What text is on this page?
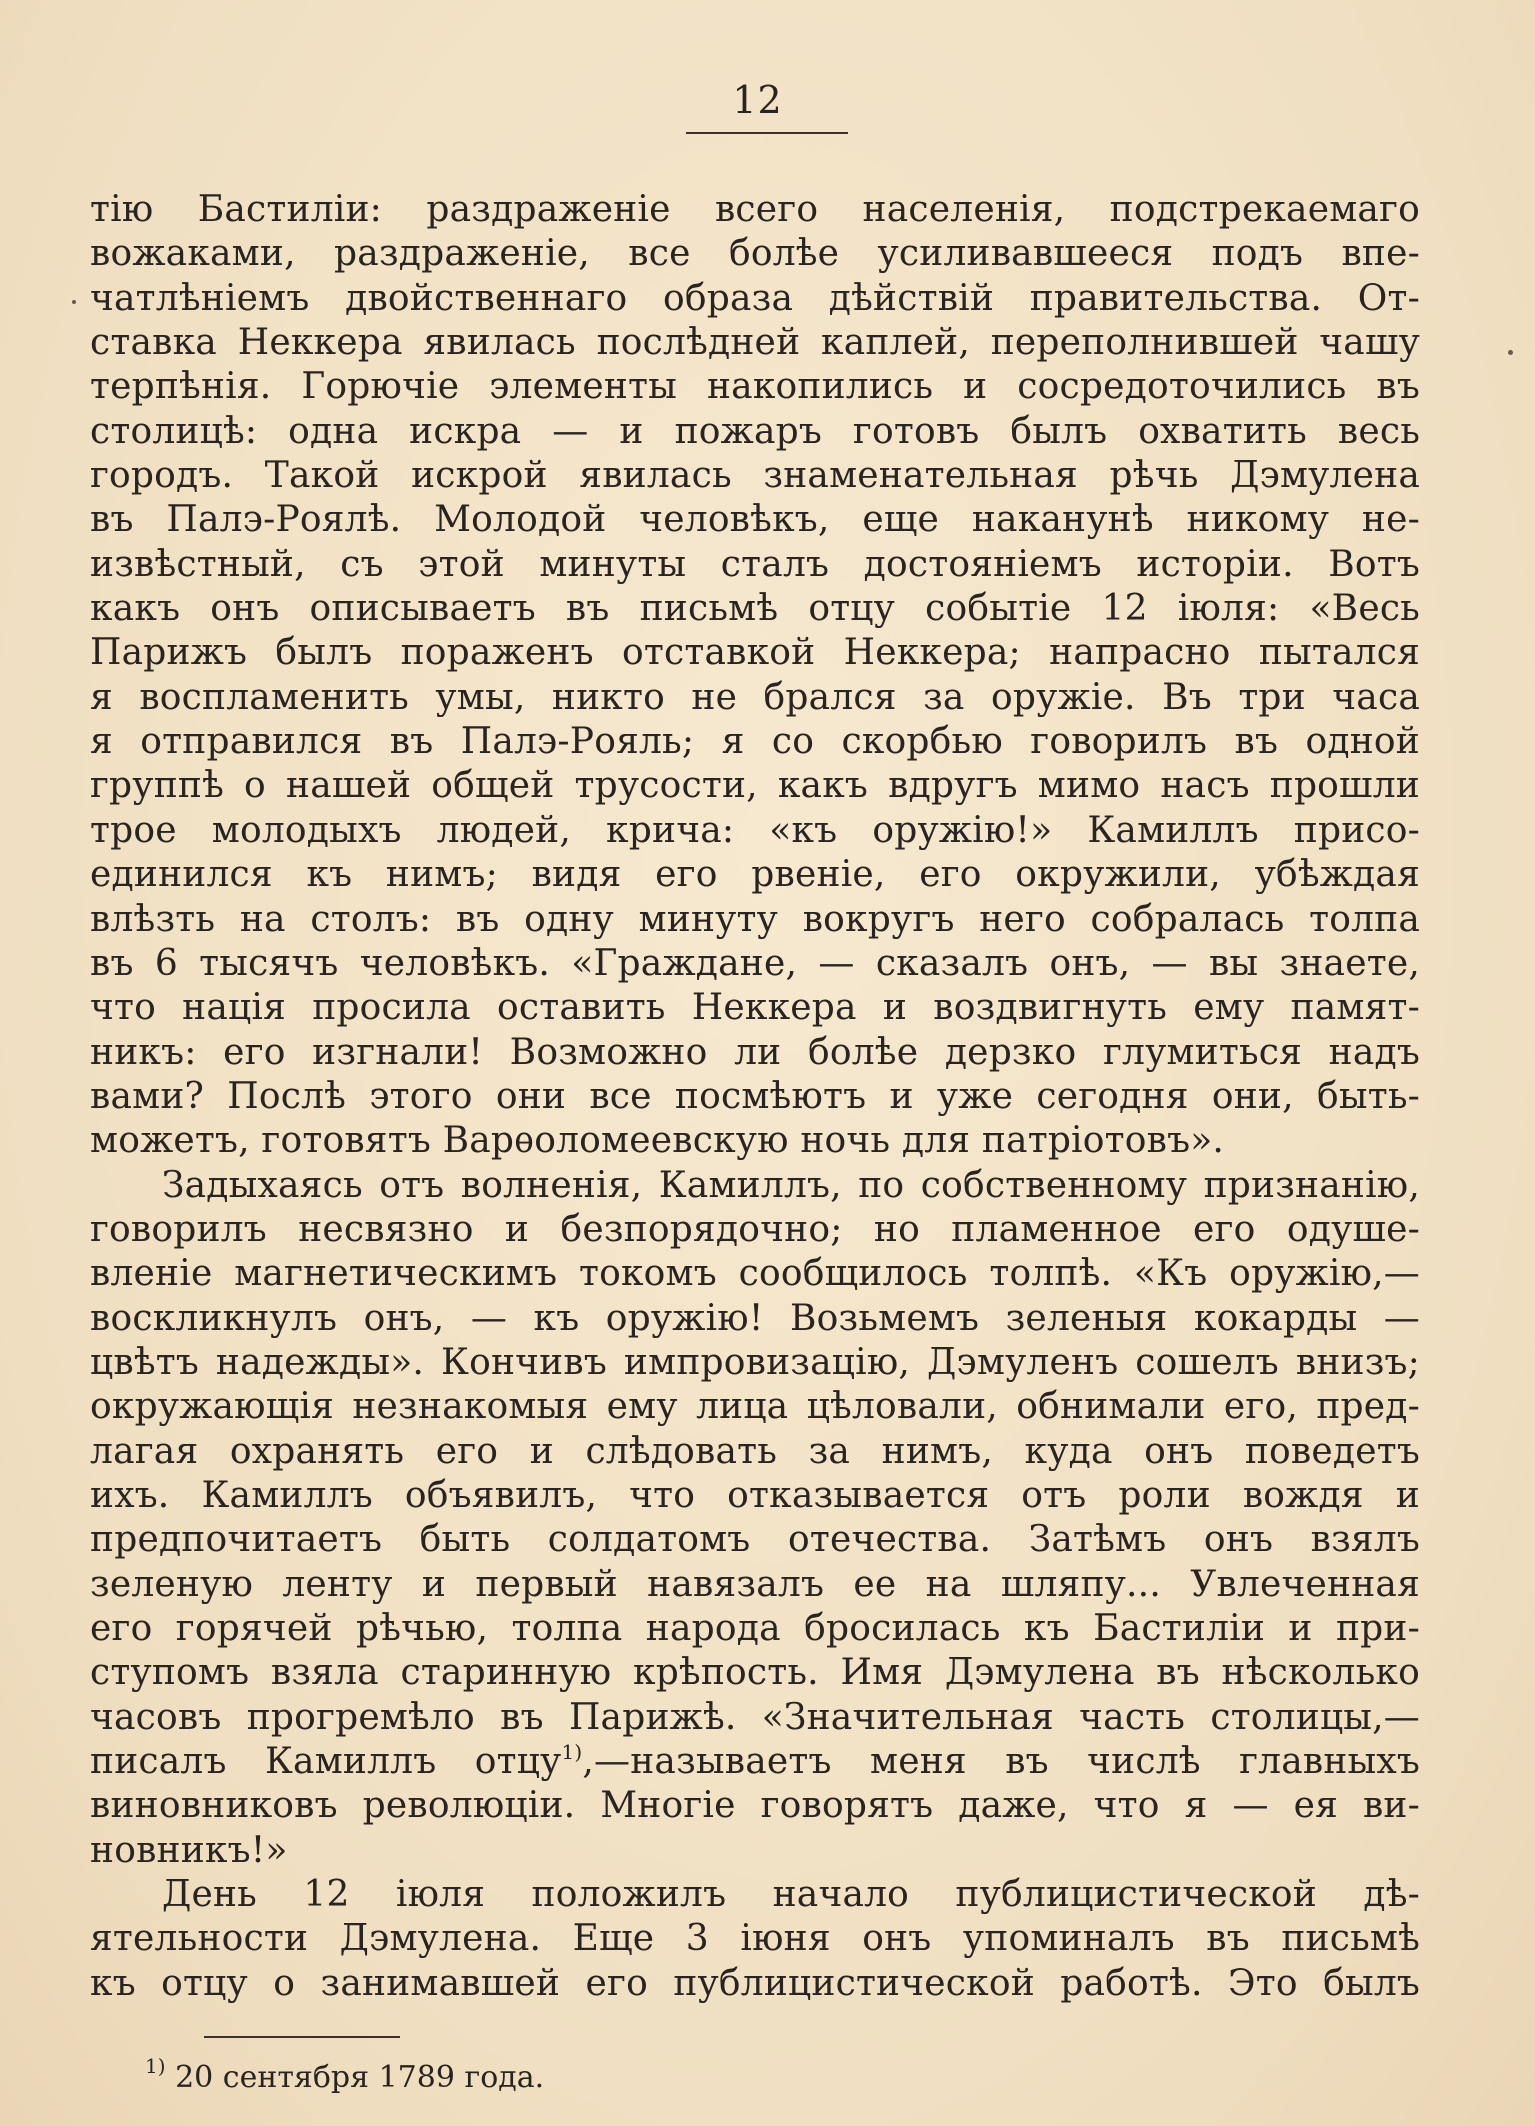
12
тію Бастиліи: раздраженіе всего населенія, подстрекаемаго
вожаками, раздраженіе, все болѣе усиливавшееся подъ впе-
чатлѣніемъ двойственнаго образа дѣйствій правительства. От-
ставка Неккера явилась послѣдней каплей, переполнившей чашу
терпѣнія. Горючіе элементы накопились и сосредоточились въ
столицѣ: одна искра — и пожаръ готовъ былъ охватить весь
городъ. Такой искрой явилась знаменательная рѣчь Дэмулена
въ Палэ-Роялѣ. Молодой человѣкъ, еще наканунѣ никому не-
извѣстный, съ этой минуты сталъ достояніемъ исторіи. Вотъ
какъ онъ описываетъ въ письмѣ отцу событіе 12 іюля: «Весь
Парижъ былъ пораженъ отставкой Неккера; напрасно пытался
я воспламенить умы, никто не брался за оружіе. Въ три часа
я отправился въ Палэ-Рояль; я со скорбью говорилъ въ одной
группѣ о нашей общей трусости, какъ вдругъ мимо насъ прошли
трое молодыхъ людей, крича: «къ оружію!» Камиллъ присо-
единился къ нимъ; видя его рвеніе, его окружили, убѣждая
влѣзть на столъ: въ одну минуту вокругъ него собралась толпа
въ 6 тысячъ человѣкъ. «Граждане, — сказалъ онъ, — вы знаете,
что нація просила оставить Неккера и воздвигнуть ему памят-
никъ: его изгнали! Возможно ли болѣе дерзко глумиться надъ
вами? Послѣ этого они все посмѣютъ и уже сегодня они, быть-
можетъ, готовятъ Варѳоломеевскую ночь для патріотовъ».
Задыхаясь отъ волненія, Камиллъ, по собственному признанію,
говорилъ несвязно и безпорядочно; но пламенное его одуше-
вленіе магнетическимъ токомъ сообщилось толпѣ. «Къ оружію,—
воскликнулъ онъ, — къ оружію! Возьмемъ зеленыя кокарды —
цвѣтъ надежды». Кончивъ импровизацію, Дэмуленъ сошелъ внизъ;
окружающія незнакомыя ему лица цѣловали, обнимали его, пред-
лагая охранять его и слѣдовать за нимъ, куда онъ поведетъ
ихъ. Камиллъ объявилъ, что отказывается отъ роли вождя и
предпочитаетъ быть солдатомъ отечества. Затѣмъ онъ взялъ
зеленую ленту и первый навязалъ ее на шляпу... Увлеченная
его горячей рѣчью, толпа народа бросилась къ Бастиліи и при-
ступомъ взяла старинную крѣпость. Имя Дэмулена въ нѣсколько
часовъ прогремѣло въ Парижѣ. «Значительная часть столицы,—
писалъ Камиллъ отцу$^{1)}$,—называетъ меня въ числѣ главныхъ
виновниковъ революціи. Многіе говорятъ даже, что я — ея ви-
новникъ!»
День 12 іюля положилъ начало публицистической дѣ-
ятельности Дэмулена. Еще 3 іюня онъ упоминалъ въ письмѣ
къ отцу о занимавшей его публицистической работѣ. Это былъ
$^{1)}$ 20 сентября 1789 года.
